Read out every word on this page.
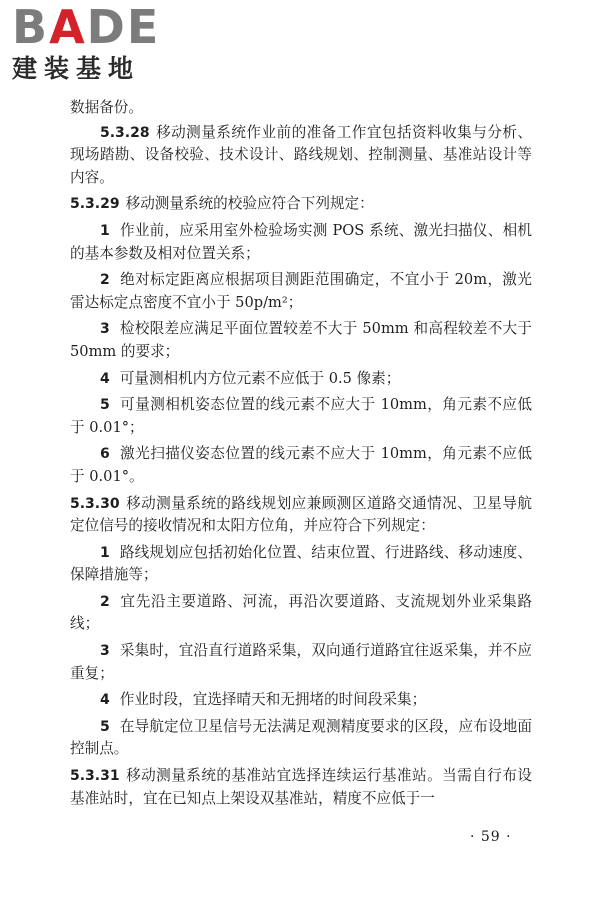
B A D E
建装基地

数据备份。

5.3.28 移动测量系统作业前的准备工作宜包括资料收集与分析、现场踏勘、设备校验、技术设计、路线规划、控制测量、基准站设计等内容。

5.3.29 移动测量系统的校验应符合下列规定：

1 作业前，应采用室外检验场实测 POS 系统、激光扫描仪、相机的基本参数及相对位置关系；

2 绝对标定距离应根据项目测距范围确定，不宜小于 20m，激光雷达标定点密度不宜小于 50p/m²；

3 检校限差应满足平面位置较差不大于 50mm 和高程较差不大于 50mm 的要求；

4 可量测相机内方位元素不应低于 0.5 像素；

5 可量测相机姿态位置的线元素不应大于 10mm，角元素不应低于 0.01°；

6 激光扫描仪姿态位置的线元素不应大于 10mm，角元素不应低于 0.01°。

5.3.30 移动测量系统的路线规划应兼顾测区道路交通情况、卫星导航定位信号的接收情况和太阳方位角，并应符合下列规定：

1 路线规划应包括初始化位置、结束位置、行进路线、移动速度、保障措施等；

2 宜先沿主要道路、河流，再沿次要道路、支流规划外业采集路线；

3 采集时，宜沿直行道路采集，双向通行道路宜往返采集，并不应重复；

4 作业时段，宜选择晴天和无拥堵的时间段采集；

5 在导航定位卫星信号无法满足观测精度要求的区段，应布设地面控制点。

5.3.31 移动测量系统的基准站宜选择连续运行基准站。当需自行布设基准站时，宜在已知点上架设双基准站，精度不应低于一

· 59 ·
